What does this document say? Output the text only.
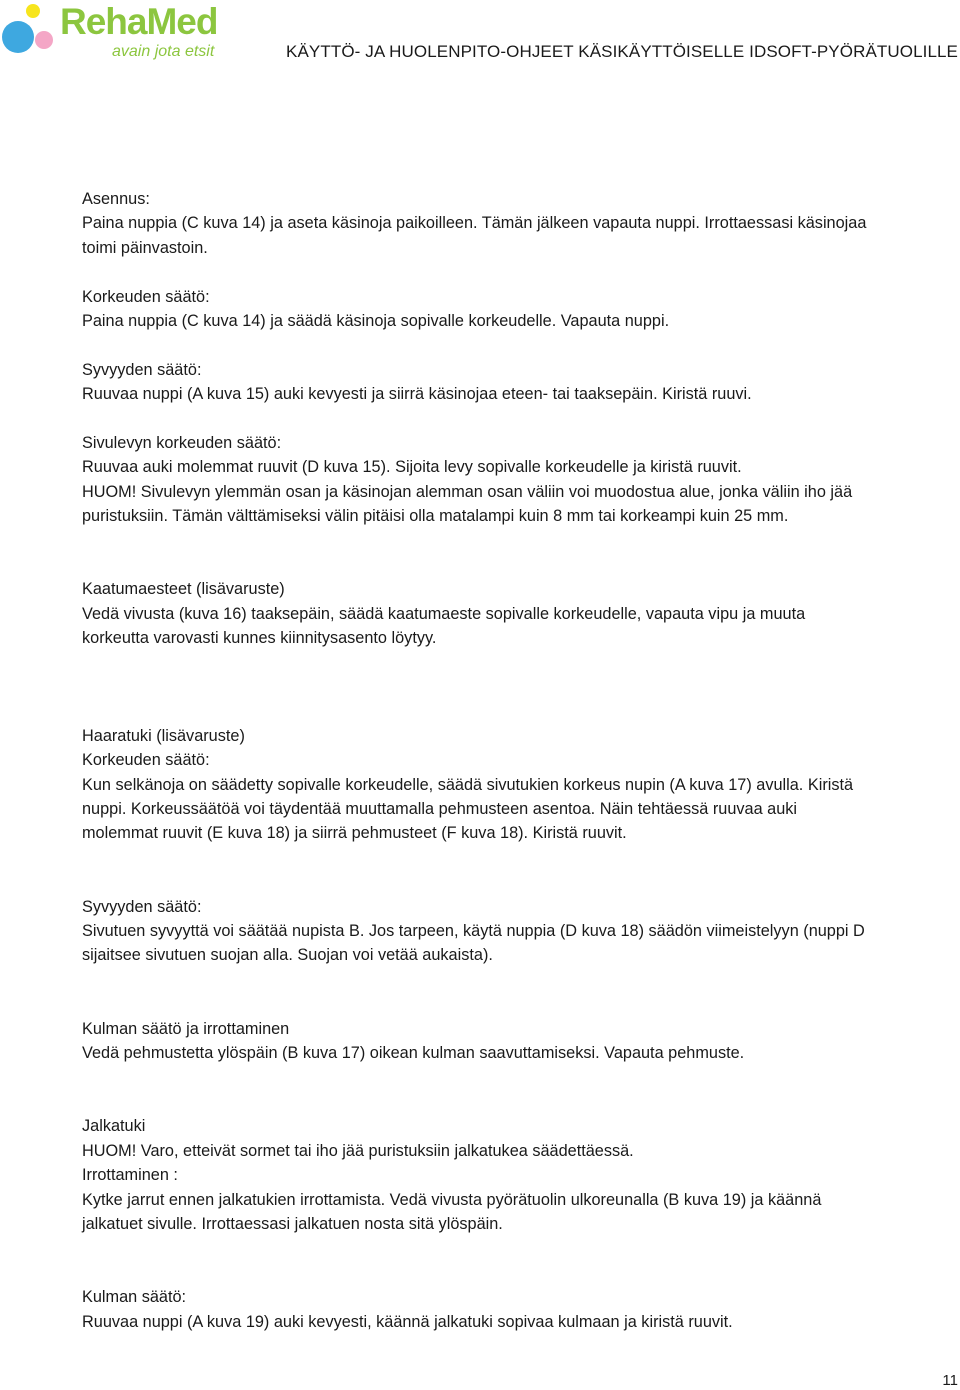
RehaMed
avain jota etsit	KÄYTTÖ- JA HUOLENPITO-OHJEET KÄSIKÄYTTÖISELLE IDSOFT-PYÖRÄTUOLILLE

Asennus:

Paina nuppia (C kuva 14) ja aseta käsinoja paikoilleen. Tämän jälkeen vapauta nuppi. Irrottaessasi käsinojaa

toimi päinvastoin.

Korkeuden säätö:

Paina nuppia (C kuva 14) ja säädä käsinoja sopivalle korkeudelle. Vapauta nuppi.

Syvyyden säätö:

Ruuvaa nuppi (A kuva 15) auki kevyesti ja siirrä käsinojaa eteen- tai taaksepäin. Kiristä ruuvi.

Sivulevyn korkeuden säätö:

Ruuvaa auki molemmat ruuvit (D kuva 15). Sijoita levy sopivalle korkeudelle ja kiristä ruuvit.

HUOM! Sivulevyn ylemmän osan ja käsinojan alemman osan väliin voi muodostua alue, jonka väliin iho jää

puristuksiin. Tämän välttämiseksi välin pitäisi olla matalampi kuin 8 mm tai korkeampi kuin 25 mm.

Kaatumaesteet (lisävaruste)

Vedä vivusta (kuva 16) taaksepäin, säädä kaatumaeste sopivalle korkeudelle, vapauta vipu ja muuta

korkeutta varovasti kunnes kiinnitysasento löytyy.

Haaratuki (lisävaruste)

Korkeuden säätö:

Kun selkänoja on säädetty sopivalle korkeudelle, säädä sivutukien korkeus nupin (A kuva 17) avulla. Kiristä

nuppi. Korkeussäätöä voi täydentää muuttamalla pehmusteen asentoa. Näin tehtäessä ruuvaa auki

molemmat ruuvit (E kuva 18) ja siirrä pehmusteet (F kuva 18). Kiristä ruuvit.

Syvyyden säätö:

Sivutuen syvyyttä voi säätää nupista B. Jos tarpeen, käytä nuppia (D kuva 18) säädön viimeistelyyn (nuppi D

sijaitsee sivutuen suojan alla. Suojan voi vetää aukaista).

Kulman säätö ja irrottaminen

Vedä pehmustetta ylöspäin (B kuva 17) oikean kulman saavuttamiseksi. Vapauta pehmuste.

Jalkatuki

HUOM! Varo, etteivät sormet tai iho jää puristuksiin jalkatukea säädettäessä.

Irrottaminen :

Kytke jarrut ennen jalkatukien irrottamista. Vedä vivusta pyörätuolin ulkoreunalla (B kuva 19) ja käännä

jalkatuet sivulle. Irrottaessasi jalkatuen nosta sitä ylöspäin.

Kulman säätö:

Ruuvaa nuppi (A kuva 19) auki kevyesti, käännä jalkatuki sopivaa kulmaan ja kiristä ruuvit.

11
